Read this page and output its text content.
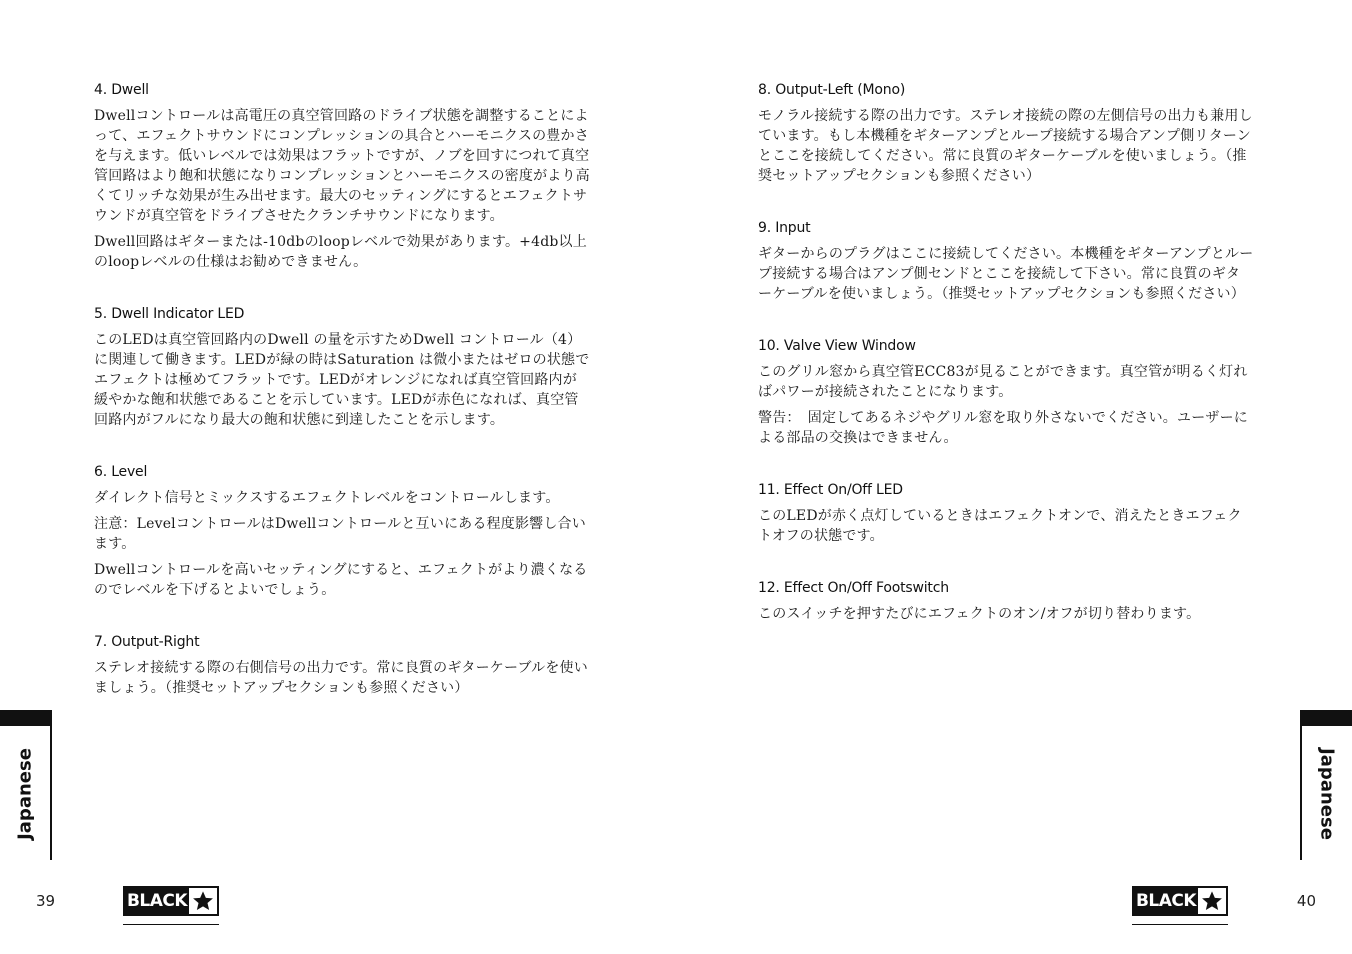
4. Dwell
Dwellコントロールは高電圧の真空管回路のドライブ状態を調整することによって、エフェクトサウンドにコンプレッションの具合とハーモニクスの豊かさを与えます。低いレベルでは効果はフラットですが、ノブを回すにつれて真空管回路はより飽和状態になりコンプレッションとハーモニクスの密度がより高くてリッチな効果が生み出せます。最大のセッティングにするとエフェクトサウンドが真空管をドライブさせたクランチサウンドになります。
Dwell回路はギターまたは-10dbのloopレベルで効果があります。+4db以上のloopレベルの仕様はお勧めできません。
5. Dwell Indicator LED
このLEDは真空管回路内のDwell の量を示すためDwell コントロール（4）に関連して働きます。LEDが緑の時はSaturation は微小またはゼロの状態でエフェクトは極めてフラットです。LEDがオレンジになれば真空管回路内が緩やかな飽和状態であることを示しています。LEDが赤色になれば、真空管回路内がフルになり最大の飽和状態に到達したことを示します。
6. Level
ダイレクト信号とミックスするエフェクトレベルをコントロールします。
注意：LevelコントロールはDwellコントロールと互いにある程度影響し合います。
Dwellコントロールを高いセッティングにすると、エフェクトがより濃くなるのでレベルを下げるとよいでしょう。
7. Output-Right
ステレオ接続する際の右側信号の出力です。常に良質のギターケーブルを使いましょう。（推奨セットアップセクションも参照ください）
Japanese
39	BLACK
8. Output-Left (Mono)
モノラル接続する際の出力です。ステレオ接続の際の左側信号の出力も兼用しています。もし本機種をギターアンプとループ接続する場合アンプ側リターンとここを接続してください。常に良質のギターケーブルを使いましょう。（推奨セットアップセクションも参照ください）
9. Input
ギターからのプラグはここに接続してください。本機種をギターアンプとループ接続する場合はアンプ側センドとここを接続して下さい。常に良質のギターケーブルを使いましょう。（推奨セットアップセクションも参照ください）
10. Valve View Window
このグリル窓から真空管ECC83が見ることができます。真空管が明るく灯ればパワーが接続されたことになります。
警告：　固定してあるネジやグリル窓を取り外さないでください。ユーザーによる部品の交換はできません。
11. Effect On/Off LED
このLEDが赤く点灯しているときはエフェクトオンで、消えたときエフェクトオフの状態です。
12. Effect On/Off Footswitch
このスイッチを押すたびにエフェクトのオン/オフが切り替わります。
Japanese
40
BLACK
